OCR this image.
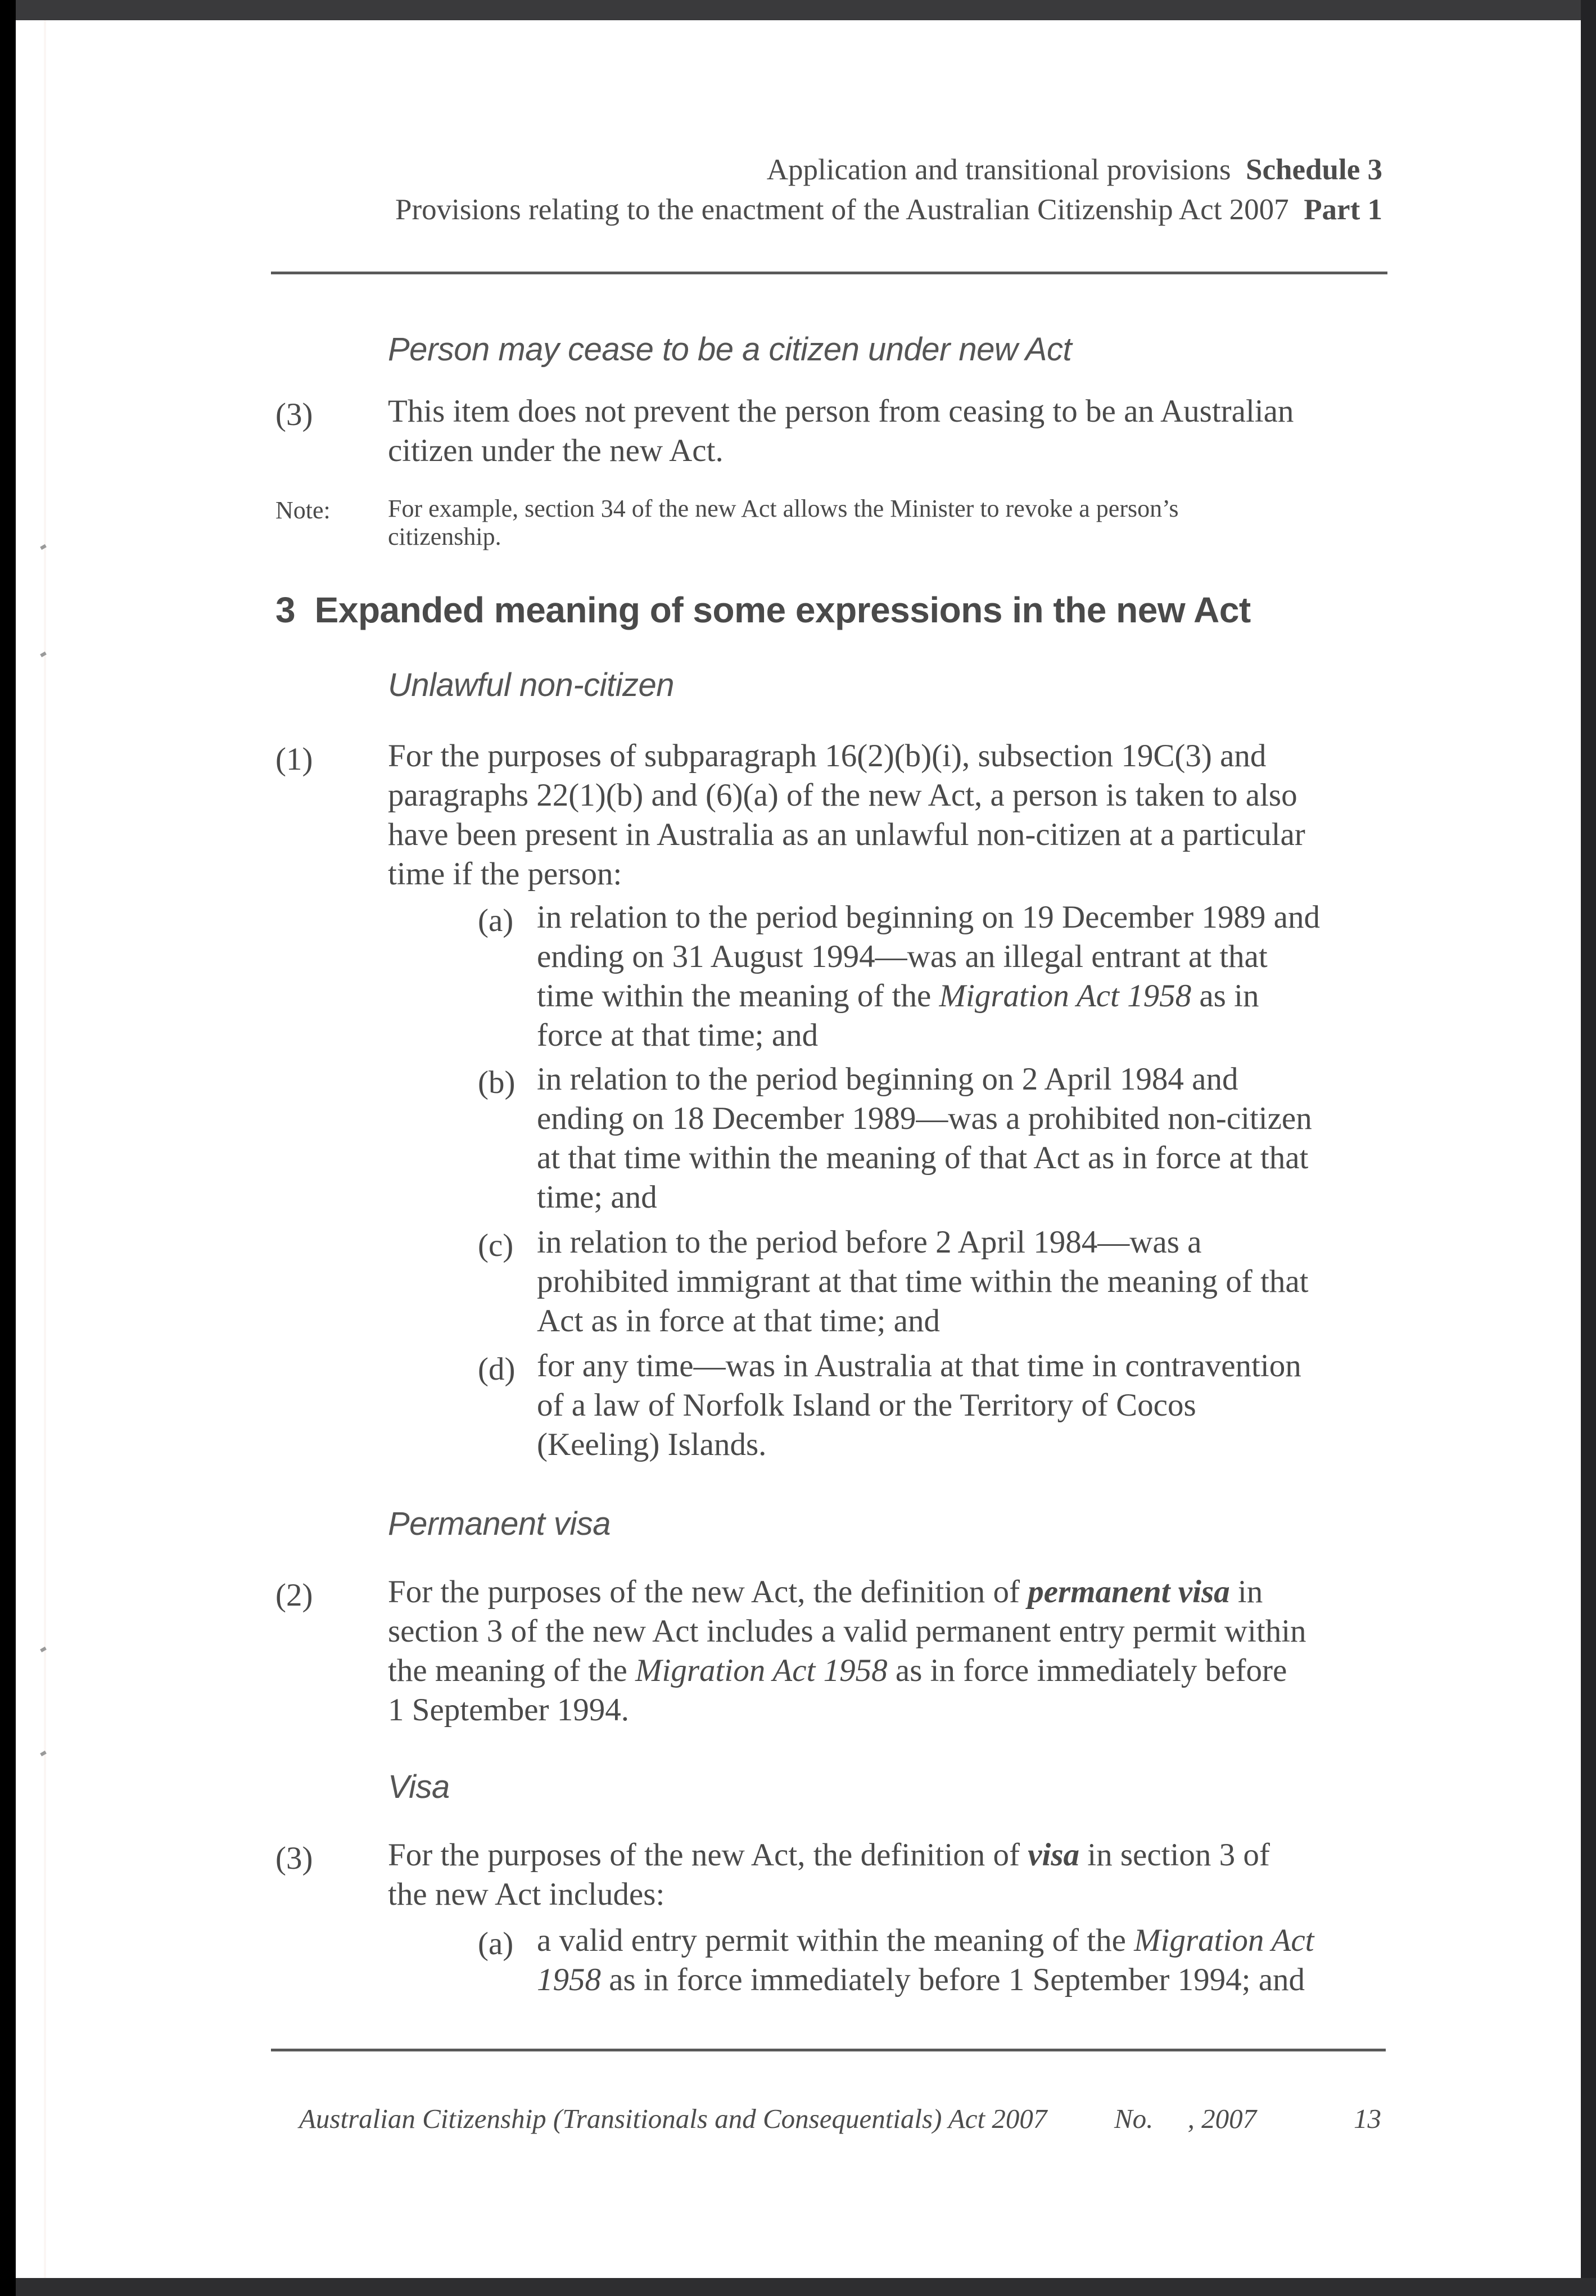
Application and transitional provisions Schedule 3
Provisions relating to the enactment of the Australian Citizenship Act 2007 Part 1
Person may cease to be a citizen under new Act
(3) This item does not prevent the person from ceasing to be an Australian
citizen under the new Act.
Note: For example, section 34 of the new Act allows the Minister to revoke a person’s
citizenship.
3 Expanded meaning of some expressions in the new Act
Unlawful non-citizen
(1) For the purposes of subparagraph 16(2)(b)(i), subsection 19C(3) and
paragraphs 22(1)(b) and (6)(a) of the new Act, a person is taken to also
have been present in Australia as an unlawful non-citizen at a particular
time if the person:
(a) in relation to the period beginning on 19 December 1989 and
ending on 31 August 1994—was an illegal entrant at that
time within the meaning of the Migration Act 1958 as in
force at that time; and
(b) in relation to the period beginning on 2 April 1984 and
ending on 18 December 1989—was a prohibited non-citizen
at that time within the meaning of that Act as in force at that
time; and
(c) in relation to the period before 2 April 1984—was a
prohibited immigrant at that time within the meaning of that
Act as in force at that time; and
(d) for any time—was in Australia at that time in contravention
of a law of Norfolk Island or the Territory of Cocos
(Keeling) Islands.
Permanent visa
(2) For the purposes of the new Act, the definition of permanent visa in
section 3 of the new Act includes a valid permanent entry permit within
the meaning of the Migration Act 1958 as in force immediately before
1 September 1994.
Visa
(3) For the purposes of the new Act, the definition of visa in section 3 of
the new Act includes:
(a) a valid entry permit within the meaning of the Migration Act
1958 as in force immediately before 1 September 1994; and
Australian Citizenship (Transitionals and Consequentials) Act 2007 No.     , 2007	13
